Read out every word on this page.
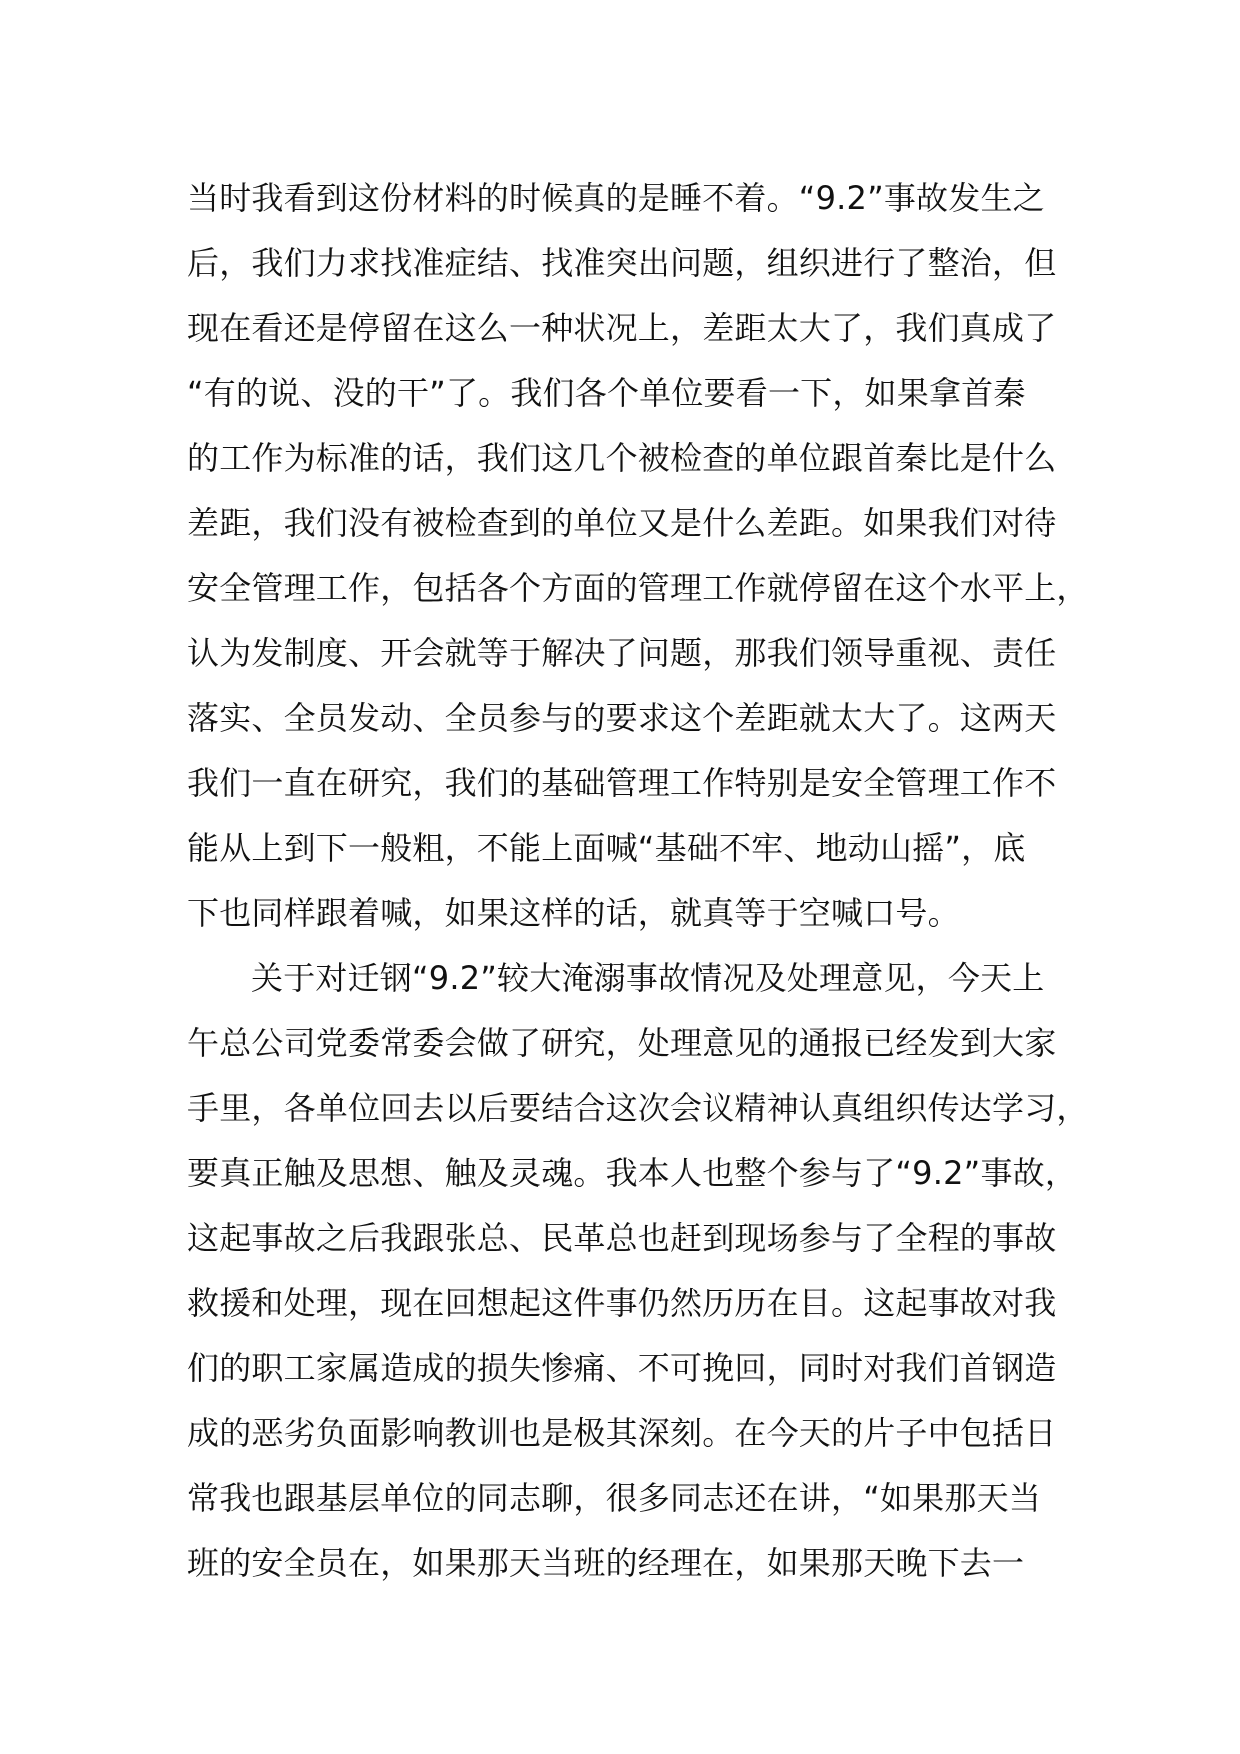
当时我看到这份材料的时候真的是睡不着。“9.2”事故发生之
后，我们力求找准症结、找准突出问题，组织进行了整治，但
现在看还是停留在这么一种状况上，差距太大了，我们真成了
“有的说、没的干”了。我们各个单位要看一下，如果拿首秦
的工作为标准的话，我们这几个被检查的单位跟首秦比是什么
差距，我们没有被检查到的单位又是什么差距。如果我们对待
安全管理工作，包括各个方面的管理工作就停留在这个水平上，
认为发制度、开会就等于解决了问题，那我们领导重视、责任
落实、全员发动、全员参与的要求这个差距就太大了。这两天
我们一直在研究，我们的基础管理工作特别是安全管理工作不
能从上到下一般粗，不能上面喊“基础不牢、地动山摇”，底
下也同样跟着喊，如果这样的话，就真等于空喊口号。
关于对迁钢“9.2”较大淹溺事故情况及处理意见，今天上
午总公司党委常委会做了研究，处理意见的通报已经发到大家
手里，各单位回去以后要结合这次会议精神认真组织传达学习，
要真正触及思想、触及灵魂。我本人也整个参与了“9.2”事故，
这起事故之后我跟张总、民革总也赶到现场参与了全程的事故
救援和处理，现在回想起这件事仍然历历在目。这起事故对我
们的职工家属造成的损失惨痛、不可挽回，同时对我们首钢造
成的恶劣负面影响教训也是极其深刻。在今天的片子中包括日
常我也跟基层单位的同志聊，很多同志还在讲，“如果那天当
班的安全员在，如果那天当班的经理在，如果那天晚下去一
